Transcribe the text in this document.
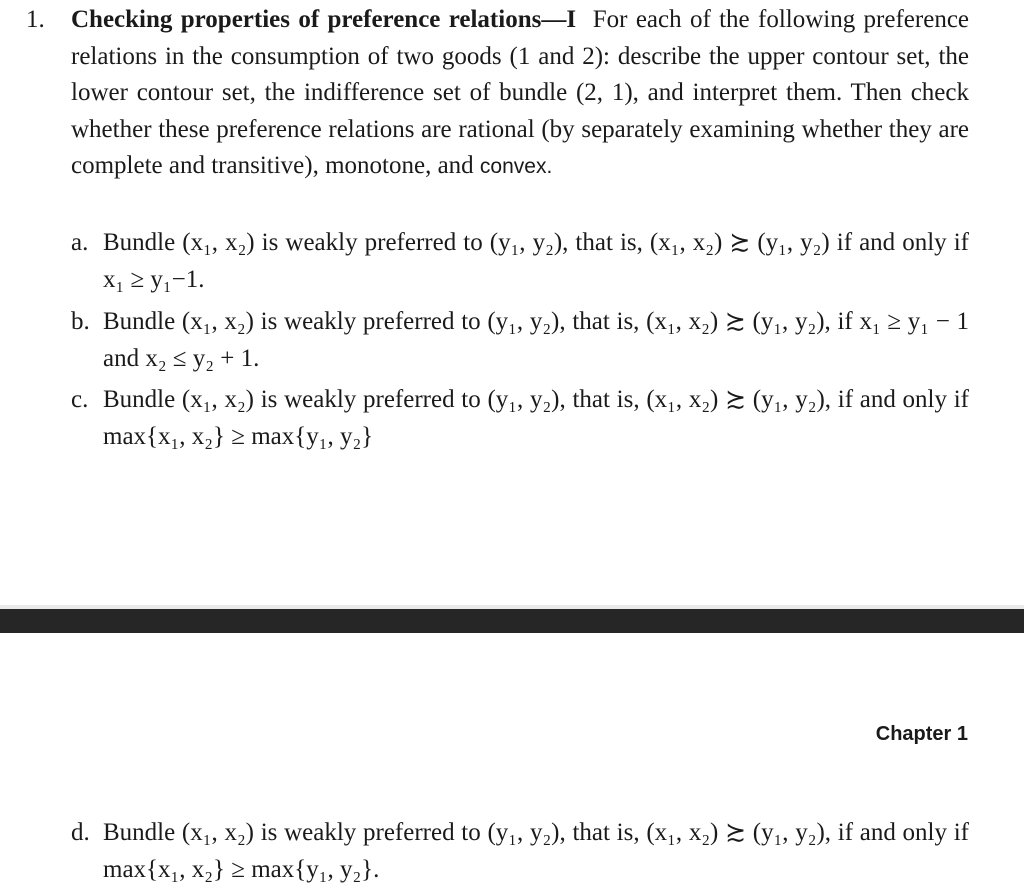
1. Checking properties of preference relations—I For each of the following preference relations in the consumption of two goods (1 and 2): describe the upper contour set, the lower contour set, the indifference set of bundle (2, 1), and interpret them. Then check whether these preference relations are rational (by separately examining whether they are complete and transitive), monotone, and convex.
a. Bundle (x₁, x₂) is weakly preferred to (y₁, y₂), that is, (x₁, x₂) ≿ (y₁, y₂) if and only if x₁ ≥ y₁−1.
b. Bundle (x₁, x₂) is weakly preferred to (y₁, y₂), that is, (x₁, x₂) ≿ (y₁, y₂), if x₁ ≥ y₁ − 1 and x₂ ≤ y₂ + 1.
c. Bundle (x₁, x₂) is weakly preferred to (y₁, y₂), that is, (x₁, x₂) ≿ (y₁, y₂), if and only if max{x₁, x₂} ≥ max{y₁, y₂}
Chapter 1
d. Bundle (x₁, x₂) is weakly preferred to (y₁, y₂), that is, (x₁, x₂) ≿ (y₁, y₂), if and only if max{x₁, x₂} ≥ max{y₁, y₂}.
